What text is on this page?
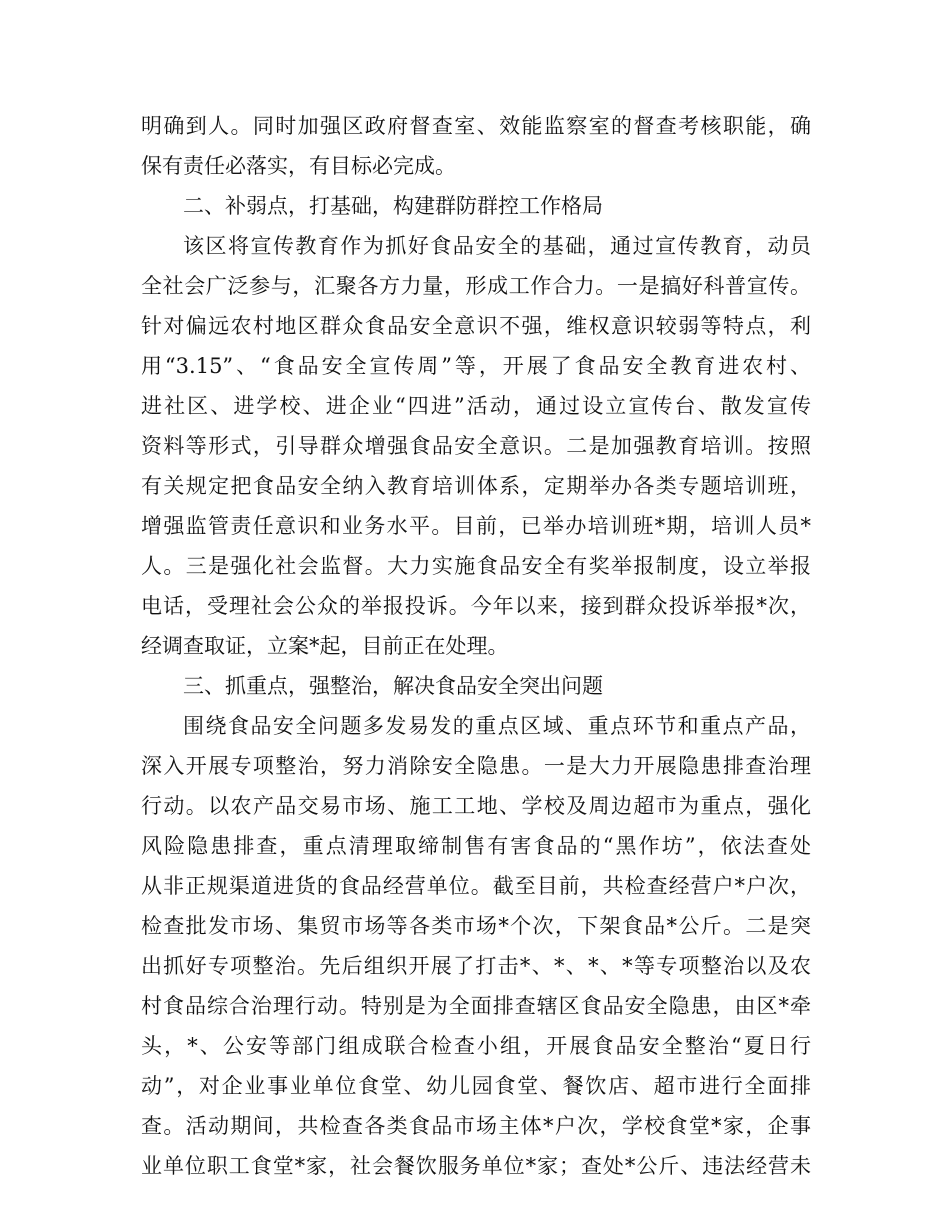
明确到人。同时加强区政府督查室、效能监察室的督查考核职能，确
保有责任必落实，有目标必完成。
二、补弱点，打基础，构建群防群控工作格局
该区将宣传教育作为抓好食品安全的基础，通过宣传教育，动员
全社会广泛参与，汇聚各方力量，形成工作合力。一是搞好科普宣传。
针对偏远农村地区群众食品安全意识不强，维权意识较弱等特点，利
用“3.15”、“食品安全宣传周”等，开展了食品安全教育进农村、
进社区、进学校、进企业“四进”活动，通过设立宣传台、散发宣传
资料等形式，引导群众增强食品安全意识。二是加强教育培训。按照
有关规定把食品安全纳入教育培训体系，定期举办各类专题培训班，
增强监管责任意识和业务水平。目前，已举办培训班*期，培训人员*
人。三是强化社会监督。大力实施食品安全有奖举报制度，设立举报
电话，受理社会公众的举报投诉。今年以来，接到群众投诉举报*次，
经调查取证，立案*起，目前正在处理。
三、抓重点，强整治，解决食品安全突出问题
围绕食品安全问题多发易发的重点区域、重点环节和重点产品，
深入开展专项整治，努力消除安全隐患。一是大力开展隐患排查治理
行动。以农产品交易市场、施工工地、学校及周边超市为重点，强化
风险隐患排查，重点清理取缔制售有害食品的“黑作坊”，依法查处
从非正规渠道进货的食品经营单位。截至目前，共检查经营户*户次，
检查批发市场、集贸市场等各类市场*个次，下架食品*公斤。二是突
出抓好专项整治。先后组织开展了打击*、*、*、*等专项整治以及农
村食品综合治理行动。特别是为全面排查辖区食品安全隐患，由区*牵
头，*、公安等部门组成联合检查小组，开展食品安全整治“夏日行
动”，对企业事业单位食堂、幼儿园食堂、餐饮店、超市进行全面排
查。活动期间，共检查各类食品市场主体*户次，学校食堂*家，企事
业单位职工食堂*家，社会餐饮服务单位*家；查处*公斤、违法经营未
